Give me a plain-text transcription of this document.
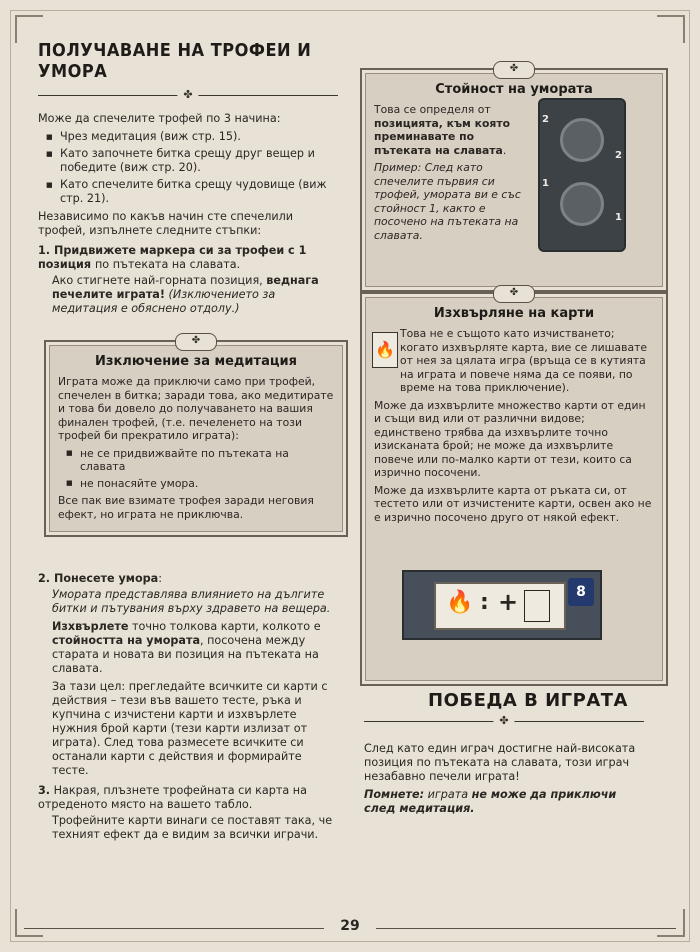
ПОЛУЧАВАНЕ НА ТРОФЕИ И УМОРА
✤

Може да спечелите трофей по 3 начина:

■ Чрез медитация (виж стр. 15).
■ Като започнете битка срещу друг вещер и победите (виж стр. 20).
■ Като спечелите битка срещу чудовище (виж стр. 21).

Независимо по какъв начин сте спечелили трофей, изпълнете следните стъпки:

1. Придвижете маркера си за трофеи с 1 позиция по пътеката на славата.

Ако стигнете най-горната позиция, веднага печелите играта! (Изключението за медитация е обяснено отдолу.)

✤
Изключение за медитация

Играта може да приключи само при трофей, спечелен в битка; заради това, ако медитирате и това би довело до получаването на вашия финален трофей, (т.е. печеленето на този трофей би прекратило играта):

■ не се придвижвайте по пътеката на славата
■ не понасяйте умора.

Все пак вие взимате трофея заради неговия ефект, но играта не приключва.

2. Понесете умора:

Умората представлява влиянието на дългите битки и пътувания върху здравето на вещера.

Изхвърлете точно толкова карти, колкото е стойността на умората, посочена между старата и новата ви позиция на пътеката на славата.

За тази цел: прегледайте всичките си карти с действия – тези във вашето тесте, ръка и купчина с изчистени карти и изхвърлете нужния брой карти (тези карти излизат от играта). След това размесете всичките си останали карти с действия и формирайте тесте.

3. Накрая, плъзнете трофейната си карта на отреденото място на вашето табло.

Трофейните карти винаги се поставят така, че техният ефект да е видим за всички играчи.

✤
Стойност на умората

Това се определя от позицията, към която преминавате по пътеката на славата.

Пример: След като спечелите първия си трофей, умората ви е със стойност 1, както е посочено на пътеката на славата.

2
2
1
1
✤
Изхвърляне на карти
🔥

Това не е същото като изчистването; когато изхвърляте карта, вие се лишавате от нея за цялата игра (връща се в кутията на играта и повече няма да се появи, по време на това приключение).

Може да изхвърлите множество карти от един и същи вид или от различни видове; единствено трябва да изхвърлите точно изисканата брой; не може да изхвърлите повече или по-малко карти от тези, които са изрично посочени.

Може да изхвърлите карта от ръката си, от тестето или от изчистените карти, освен ако не е изрично посочено друго от някой ефект.

🔥 : +	8
ПОБЕДА В ИГРАТА
✤

След като един играч достигне най-високата позиция по пътеката на славата, този играч незабавно печели играта!

Помнете: играта не може да приключи след медитация.

29
